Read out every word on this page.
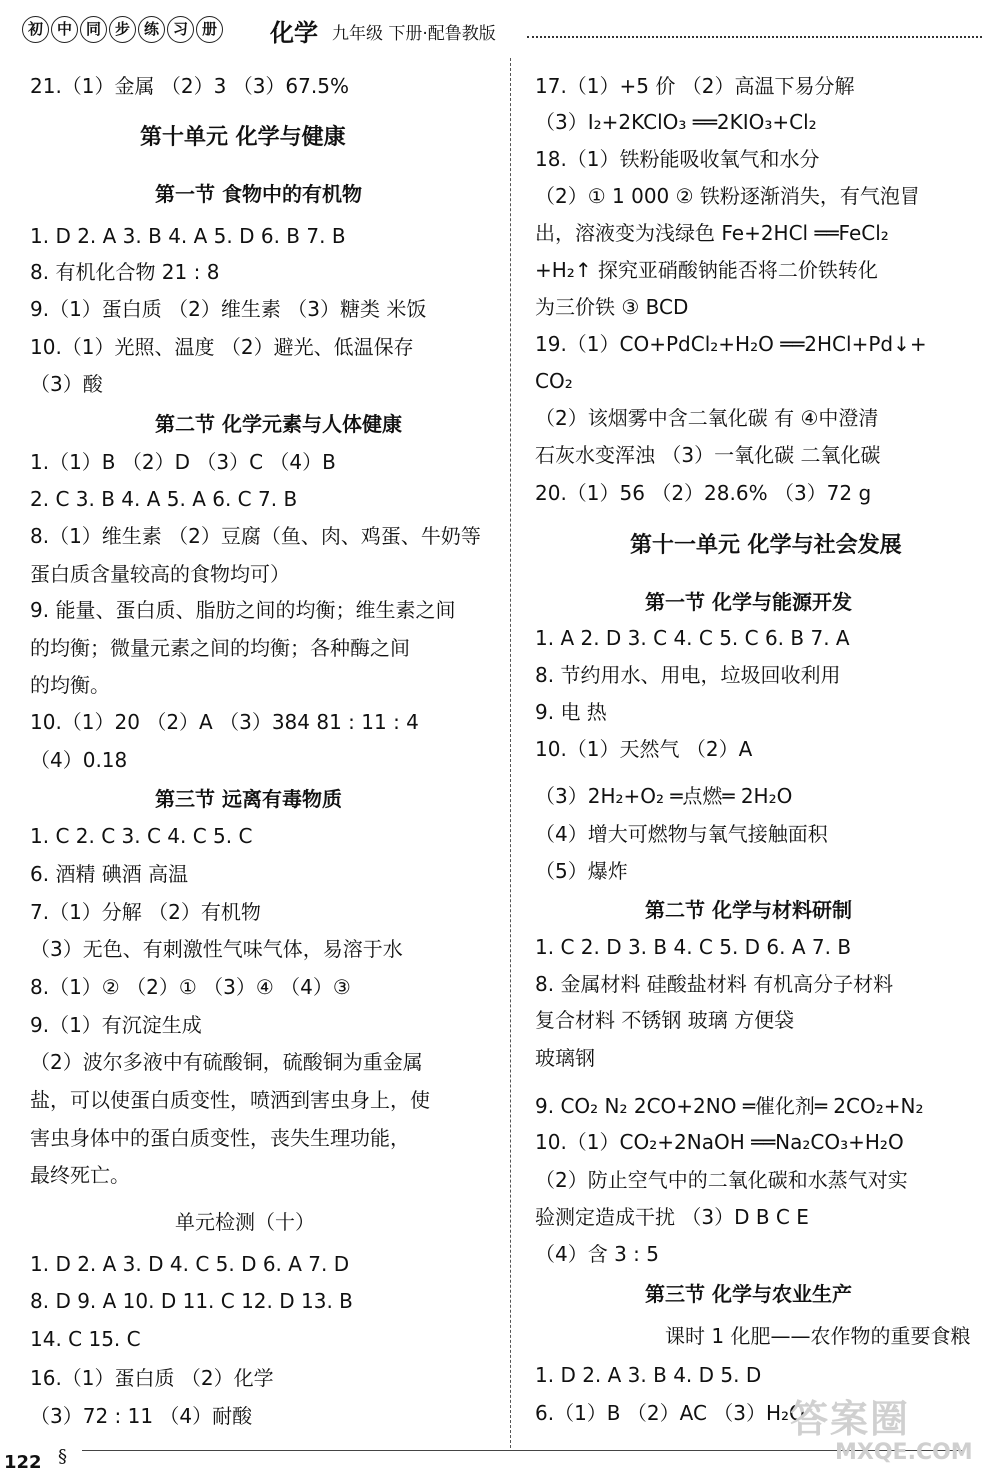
初 中 同 步 练 习 册 化学 九年级 下册·配鲁教版
21.（1）金属 （2）3 （3）67.5%
第十单元 化学与健康
第一节 食物中的有机物
1. D 2. A 3. B 4. A 5. D 6. B 7. B
8. 有机化合物 21 : 8
9.（1）蛋白质 （2）维生素 （3）糖类 米饭
10.（1）光照、温度 （2）避光、低温保存
（3）酸
第二节 化学元素与人体健康
1.（1）B （2）D （3）C （4）B
2. C 3. B 4. A 5. A 6. C 7. B
8.（1）维生素 （2）豆腐（鱼、肉、鸡蛋、牛奶等
蛋白质含量较高的食物均可）
9. 能量、蛋白质、脂肪之间的均衡；维生素之间
的均衡；微量元素之间的均衡；各种酶之间
的均衡。
10.（1）20 （2）A （3）384 81 : 11 : 4
（4）0.18
第三节 远离有毒物质
1. C 2. C 3. C 4. C 5. C
6. 酒精 碘酒 高温
7.（1）分解 （2）有机物
（3）无色、有刺激性气味气体，易溶于水
8.（1）② （2）① （3）④ （4）③
9.（1）有沉淀生成
（2）波尔多液中有硫酸铜，硫酸铜为重金属
盐，可以使蛋白质变性，喷洒到害虫身上，使
害虫身体中的蛋白质变性，丧失生理功能，
最终死亡。
单元检测（十）
1. D 2. A 3. D 4. C 5. D 6. A 7. D
8. D 9. A 10. D 11. C 12. D 13. B
14. C 15. C
16.（1）蛋白质 （2）化学
（3）72 : 11 （4）耐酸
17.（1）+5 价 （2）高温下易分解
（3）I₂+2KClO₃ ══2KIO₃+Cl₂
18.（1）铁粉能吸收氧气和水分
（2）① 1 000 ② 铁粉逐渐消失，有气泡冒
出，溶液变为浅绿色 Fe+2HCl ══FeCl₂
+H₂↑ 探究亚硝酸钠能否将二价铁转化
为三价铁 ③ BCD
19.（1）CO+PdCl₂+H₂O ══2HCl+Pd↓+
CO₂
（2）该烟雾中含二氧化碳 有 ④中澄清
石灰水变浑浊 （3）一氧化碳 二氧化碳
20.（1）56 （2）28.6% （3）72 g
第十一单元 化学与社会发展
第一节 化学与能源开发
1. A 2. D 3. C 4. C 5. C 6. B 7. A
8. 节约用水、用电，垃圾回收利用
9. 电 热
10.（1）天然气 （2）A
（3）2H₂+O₂ ═点燃═ 2H₂O
（4）增大可燃物与氧气接触面积
（5）爆炸
第二节 化学与材料研制
1. C 2. D 3. B 4. C 5. D 6. A 7. B
8. 金属材料 硅酸盐材料 有机高分子材料
复合材料 不锈钢 玻璃 方便袋
玻璃钢
9. CO₂ N₂ 2CO+2NO ═催化剂═ 2CO₂+N₂
10.（1）CO₂+2NaOH ══Na₂CO₃+H₂O
（2）防止空气中的二氧化碳和水蒸气对实
验测定造成干扰 （3）D B C E
（4）含 3 : 5
第三节 化学与农业生产
课时 1 化肥——农作物的重要食粮
1. D 2. A 3. B 4. D 5. D
6.（1）B （2）AC （3）H₂O
122 §
答案圈
MXQE.COM
